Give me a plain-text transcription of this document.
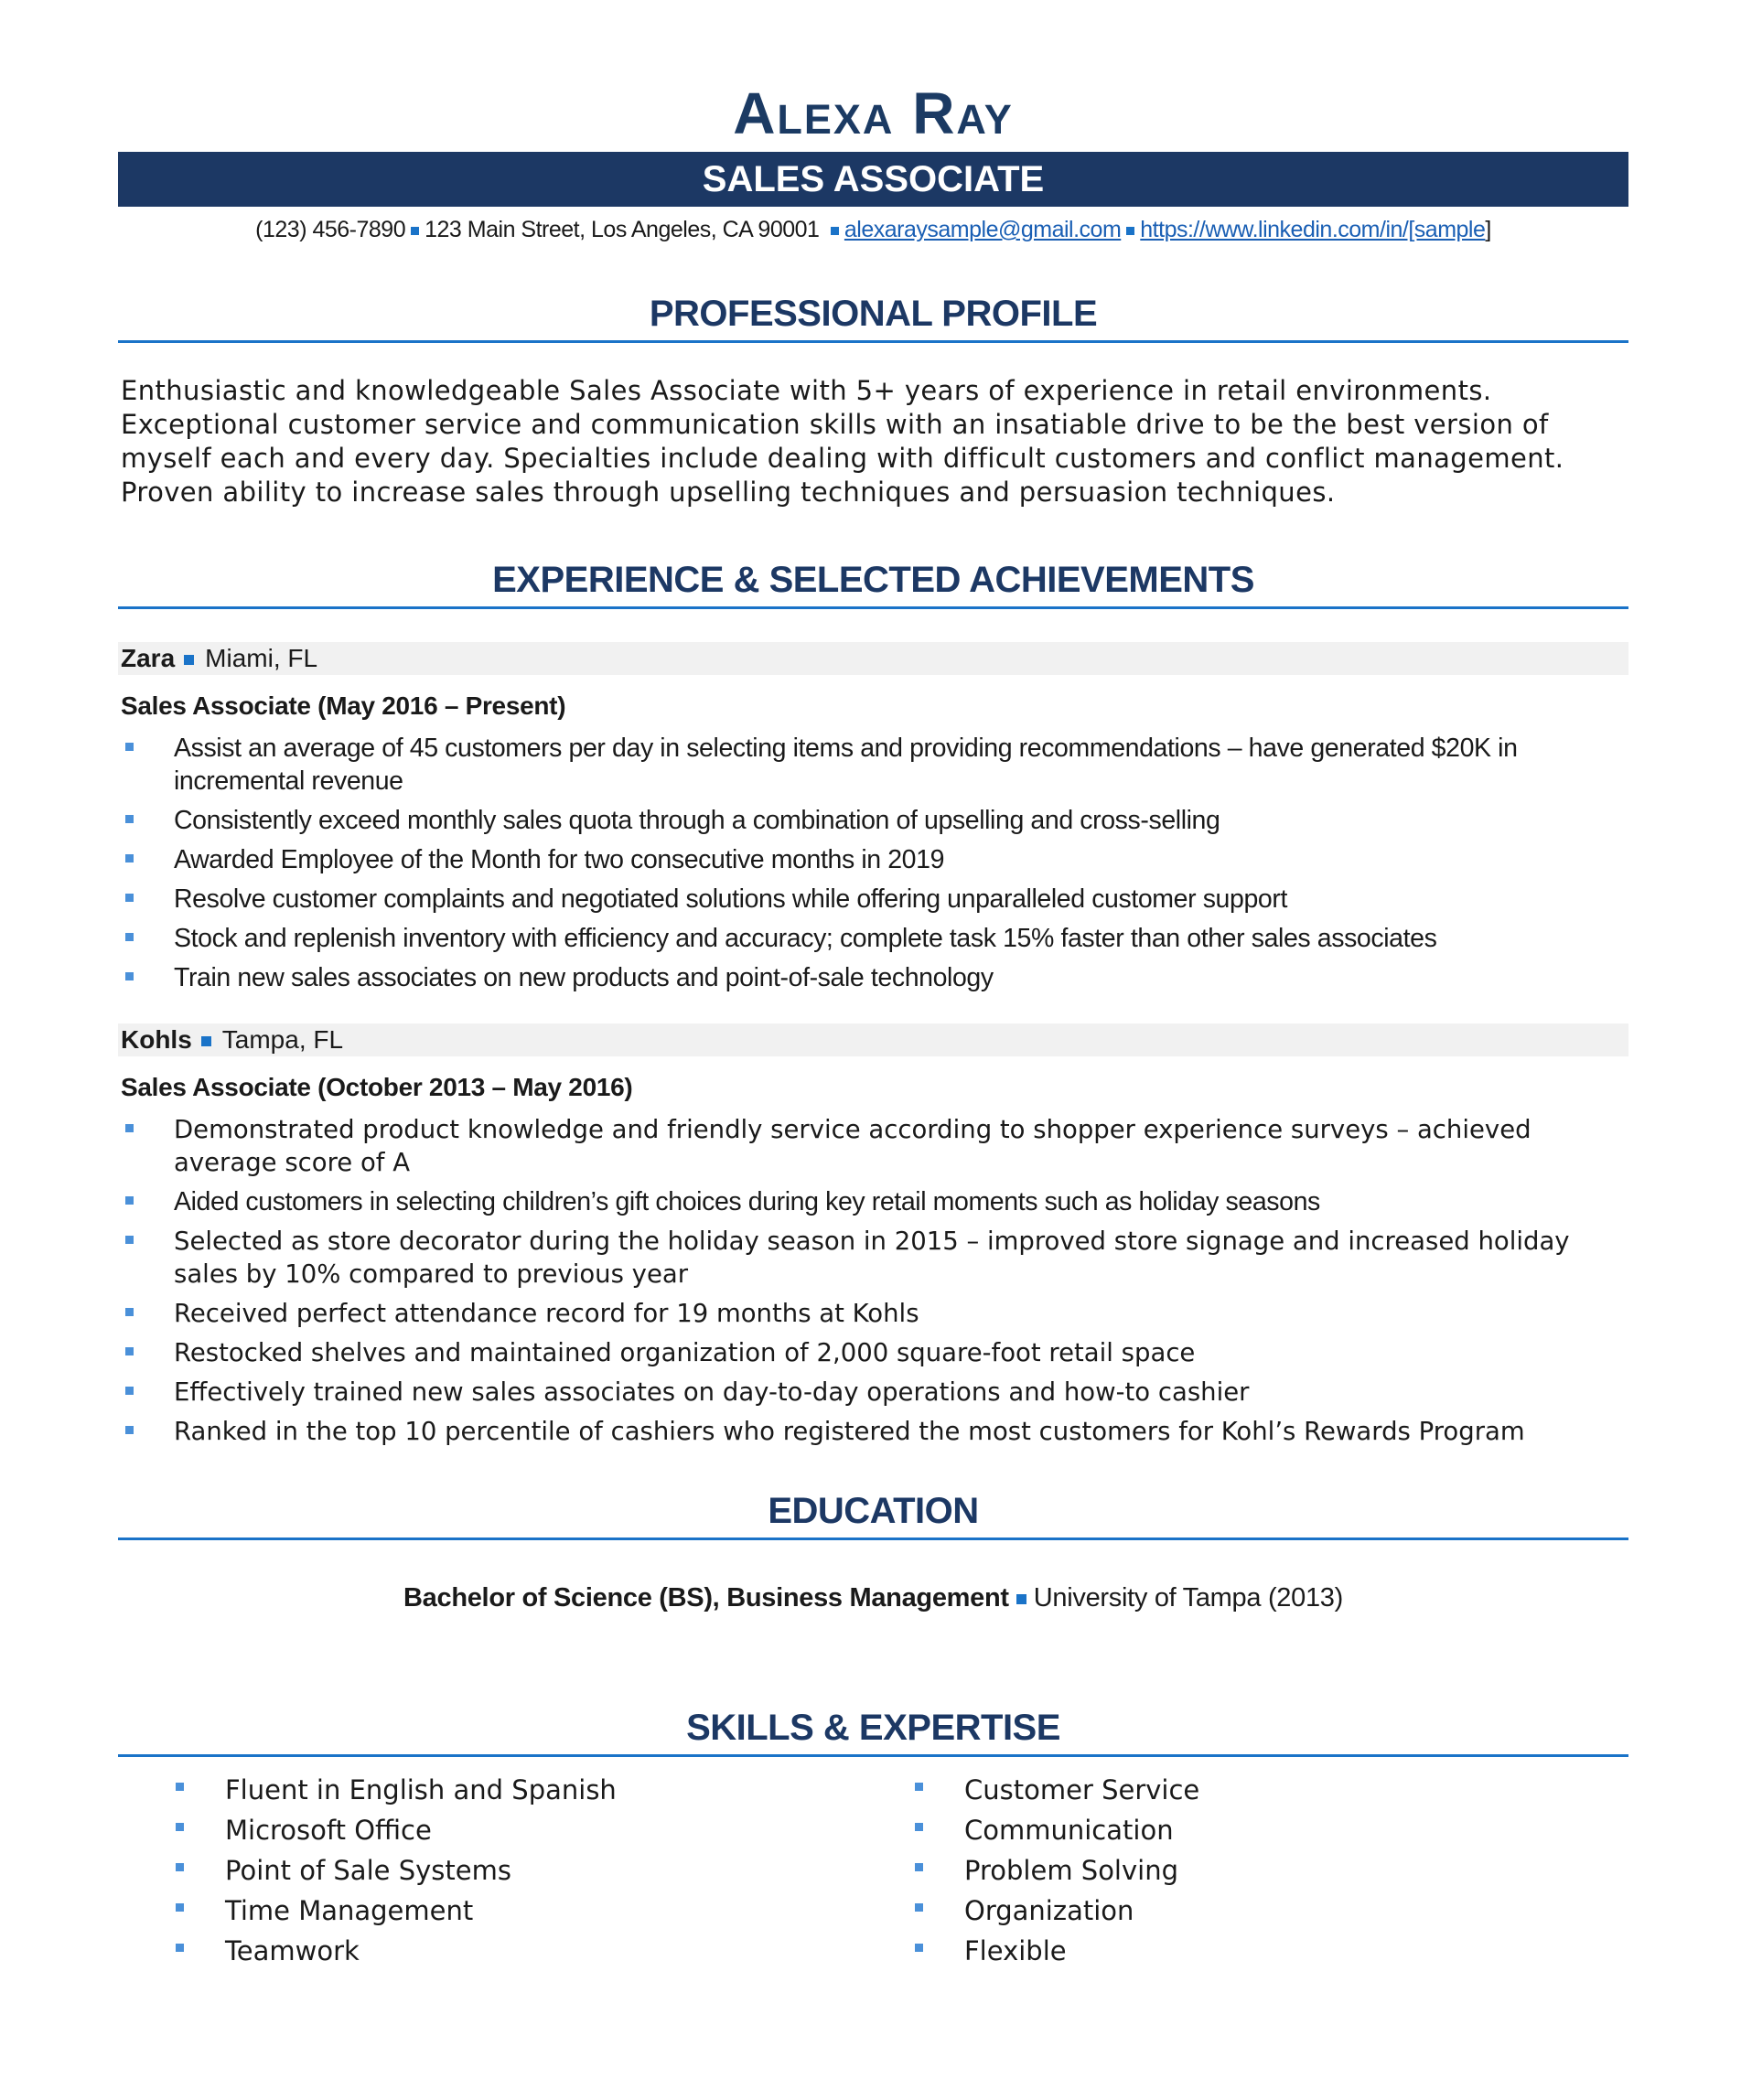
Alexa Ray
SALES ASSOCIATE
(123) 456-7890 123 Main Street, Los Angeles, CA 90001 alexaraysample@gmail.com https://www.linkedin.com/in/[sample]
PROFESSIONAL PROFILE
Enthusiastic and knowledgeable Sales Associate with 5+ years of experience in retail environments.
Exceptional customer service and communication skills with an insatiable drive to be the best version of
myself each and every day. Specialties include dealing with difficult customers and conflict management.
Proven ability to increase sales through upselling techniques and persuasion techniques.
EXPERIENCE & SELECTED ACHIEVEMENTS
Zara Miami, FL
Sales Associate (May 2016 – Present)
Assist an average of 45 customers per day in selecting items and providing recommendations – have generated $20K in incremental revenue
Consistently exceed monthly sales quota through a combination of upselling and cross-selling
Awarded Employee of the Month for two consecutive months in 2019
Resolve customer complaints and negotiated solutions while offering unparalleled customer support
Stock and replenish inventory with efficiency and accuracy; complete task 15% faster than other sales associates
Train new sales associates on new products and point-of-sale technology
Kohls Tampa, FL
Sales Associate (October 2013 – May 2016)
Demonstrated product knowledge and friendly service according to shopper experience surveys – achieved average score of A
Aided customers in selecting children’s gift choices during key retail moments such as holiday seasons
Selected as store decorator during the holiday season in 2015 – improved store signage and increased holiday sales by 10% compared to previous year
Received perfect attendance record for 19 months at Kohls
Restocked shelves and maintained organization of 2,000 square-foot retail space
Effectively trained new sales associates on day-to-day operations and how-to cashier
Ranked in the top 10 percentile of cashiers who registered the most customers for Kohl’s Rewards Program
EDUCATION
Bachelor of Science (BS), Business Management University of Tampa (2013)
SKILLS & EXPERTISE
Fluent in English and Spanish
Microsoft Office
Point of Sale Systems
Time Management
Teamwork
Customer Service
Communication
Problem Solving
Organization
Flexible
